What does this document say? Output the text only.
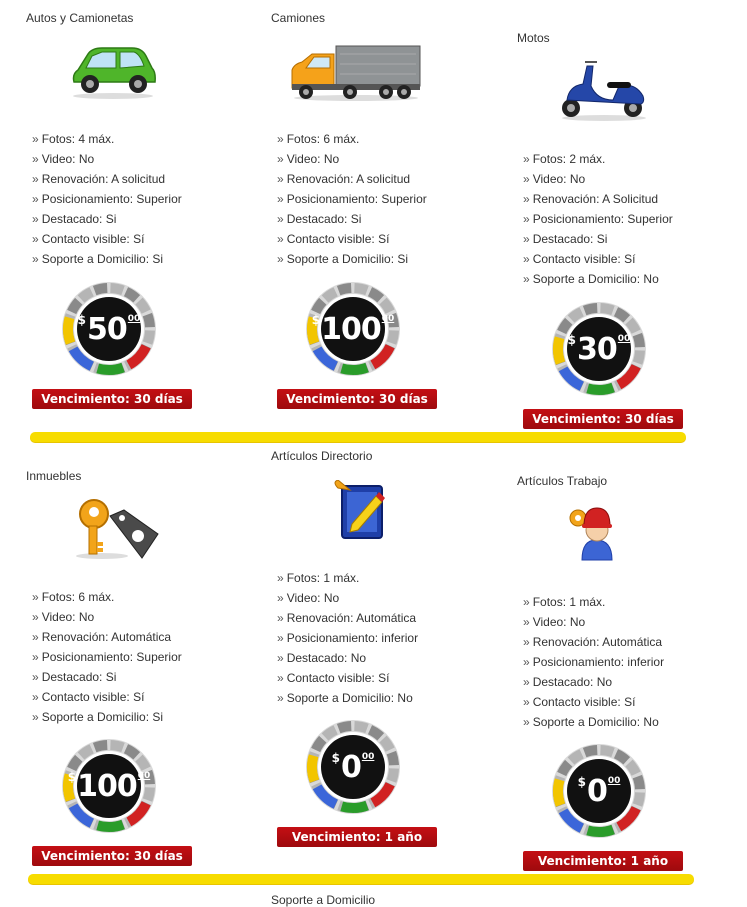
Autos y Camionetas
» Fotos: 4 máx.
» Video: No
» Renovación: A solicitud
» Posicionamiento: Superior
» Destacado: Si
» Contacto visible: Sí
» Soporte a Domicilio: Si
$ 50 00
Vencimiento: 30 días
Camiones
» Fotos: 6 máx.
» Video: No
» Renovación: A solicitud
» Posicionamiento: Superior
» Destacado: Si
» Contacto visible: Sí
» Soporte a Domicilio: Si
$ 100 00
Vencimiento: 30 días
Motos
» Fotos: 2 máx.
» Video: No
» Renovación: A Solicitud
» Posicionamiento: Superior
» Destacado: Si
» Contacto visible: Sí
» Soporte a Domicilio: No
$ 30 00
Vencimiento: 30 días
Artículos Directorio
Inmuebles
» Fotos: 6 máx.
» Video: No
» Renovación: Automática
» Posicionamiento: Superior
» Destacado: Si
» Contacto visible: Sí
» Soporte a Domicilio: Si
$ 100 00
Vencimiento: 30 días
» Fotos: 1 máx.
» Video: No
» Renovación: Automática
» Posicionamiento: inferior
» Destacado: No
» Contacto visible: Sí
» Soporte a Domicilio: No
$ 0 00
Vencimiento: 1 año
Artículos Trabajo
» Fotos: 1 máx.
» Video: No
» Renovación: Automática
» Posicionamiento: inferior
» Destacado: No
» Contacto visible: Sí
» Soporte a Domicilio: No
$ 0 00
Vencimiento: 1 año
Soporte a Domicilio
